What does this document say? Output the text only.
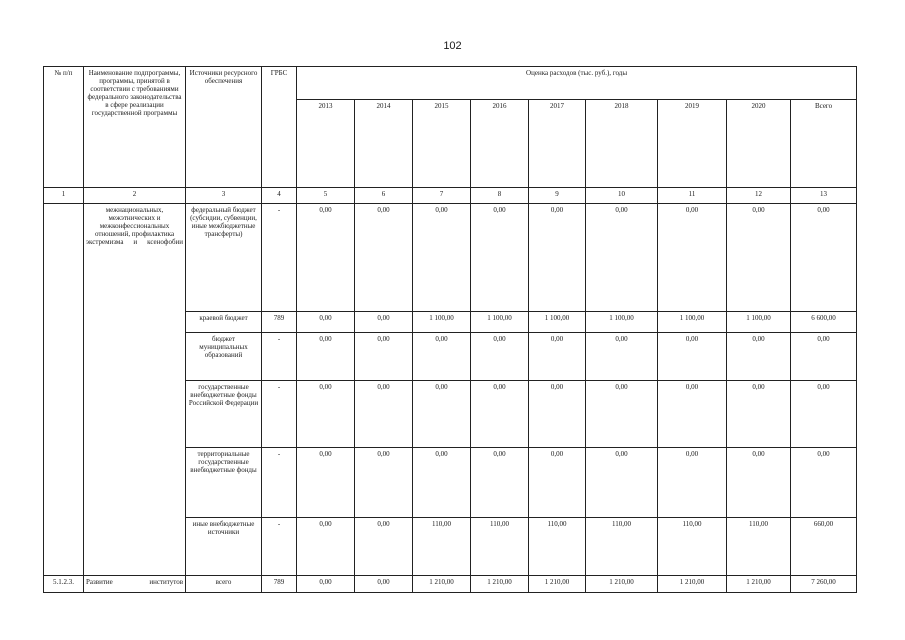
102
№ п/п	Наименование подпрограммы, программы, принятой в соответствии с требованиями федерального законодательства в сфере реализации государственной программы	Источники ресурсного обеспечения	ГРБС	Оценка расходов (тыс. руб.), годы								
				2013	2014	2015	2016	2017	2018	2019	2020	Всего
1	2	3	4	5	6	7	8	9	10	11	12	13
	межнациональных, межэтнических и межконфессиональных отношений, профилактика экстремизма и ксенофобии	федеральный бюджет (субсидии, субвенции, иные межбюджетные трансферты)	-	0,00	0,00	0,00	0,00	0,00	0,00	0,00	0,00	0,00
		краевой бюджет	789	0,00	0,00	1 100,00	1 100,00	1 100,00	1 100,00	1 100,00	1 100,00	6 600,00
		бюджет муниципальных образований	-	0,00	0,00	0,00	0,00	0,00	0,00	0,00	0,00	0,00
		государственные внебюджетные фонды Российской Федерации	-	0,00	0,00	0,00	0,00	0,00	0,00	0,00	0,00	0,00
		территориальные государственные внебюджетные фонды	-	0,00	0,00	0,00	0,00	0,00	0,00	0,00	0,00	0,00
		иные внебюджетные источники	-	0,00	0,00	110,00	110,00	110,00	110,00	110,00	110,00	660,00
5.1.2.3.	Развитие институтов	всего	789	0,00	0,00	1 210,00	1 210,00	1 210,00	1 210,00	1 210,00	1 210,00	7 260,00
